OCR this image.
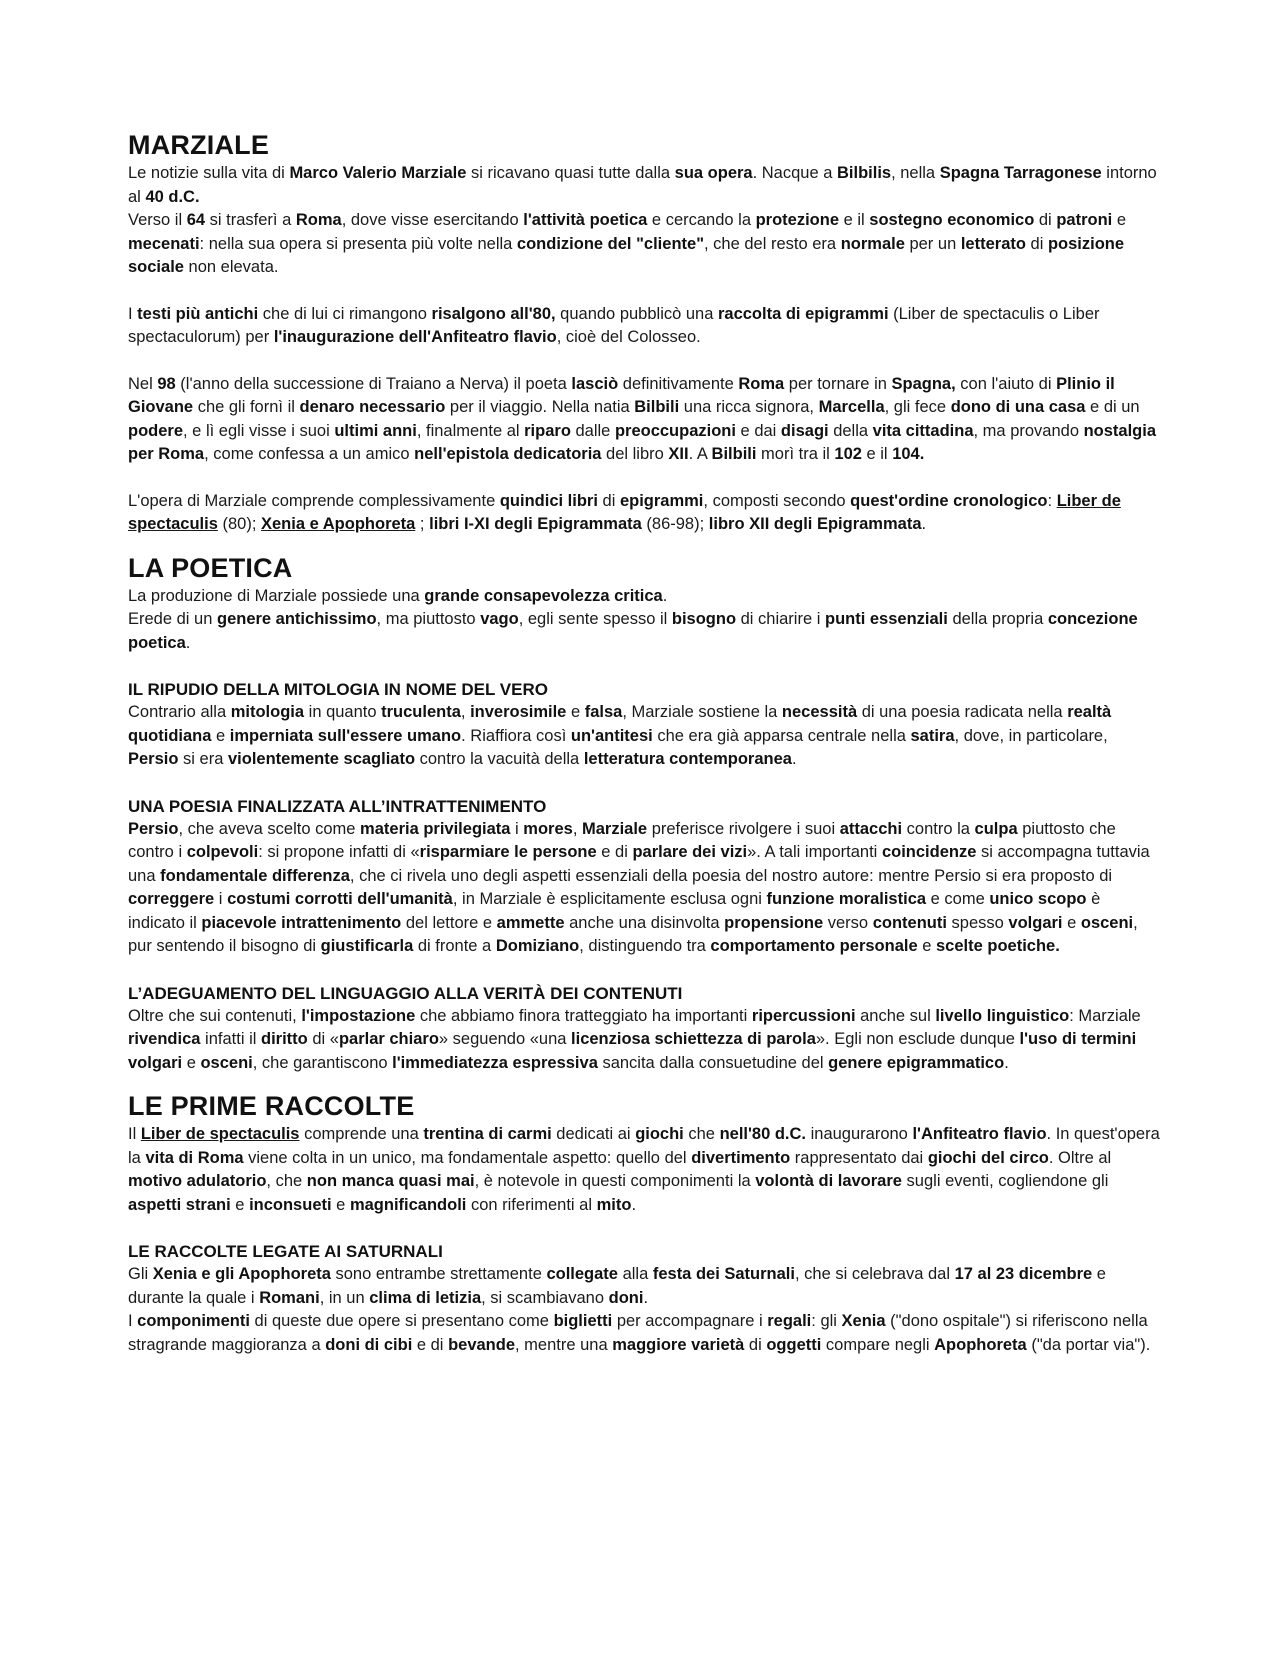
MARZIALE

Le notizie sulla vita di Marco Valerio Marziale si ricavano quasi tutte dalla sua opera. Nacque a Bilbilis, nella Spagna Tarragonese intorno al 40 d.C.
Verso il 64 si trasferì a Roma, dove visse esercitando l'attività poetica e cercando la protezione e il sostegno economico di patroni e mecenati: nella sua opera si presenta più volte nella condizione del "cliente", che del resto era normale per un letterato di posizione sociale non elevata.

I testi più antichi che di lui ci rimangono risalgono all'80, quando pubblicò una raccolta di epigrammi (Liber de spectaculis o Liber spectaculorum) per l'inaugurazione dell'Anfiteatro flavio, cioè del Colosseo.

Nel 98 (l'anno della successione di Traiano a Nerva) il poeta lasciò definitivamente Roma per tornare in Spagna, con l'aiuto di Plinio il Giovane che gli fornì il denaro necessario per il viaggio. Nella natia Bilbili una ricca signora, Marcella, gli fece dono di una casa e di un podere, e lì egli visse i suoi ultimi anni, finalmente al riparo dalle preoccupazioni e dai disagi della vita cittadina, ma provando nostalgia per Roma, come confessa a un amico nell'epistola dedicatoria del libro XII. A Bilbili morì tra il 102 e il 104.

L'opera di Marziale comprende complessivamente quindici libri di epigrammi, composti secondo quest'ordine cronologico: Liber de spectaculis (80); Xenia e Apophoreta ; libri I-XI degli Epigrammata (86-98); libro XII degli Epigrammata.

LA POETICA

La produzione di Marziale possiede una grande consapevolezza critica.
Erede di un genere antichissimo, ma piuttosto vago, egli sente spesso il bisogno di chiarire i punti essenziali della propria concezione poetica.

IL RIPUDIO DELLA MITOLOGIA IN NOME DEL VERO

Contrario alla mitologia in quanto truculenta, inverosimile e falsa, Marziale sostiene la necessità di una poesia radicata nella realtà quotidiana e imperniata sull'essere umano. Riaffiora così un'antitesi che era già apparsa centrale nella satira, dove, in particolare, Persio si era violentemente scagliato contro la vacuità della letteratura contemporanea.

UNA POESIA FINALIZZATA ALL’INTRATTENIMENTO

Persio, che aveva scelto come materia privilegiata i mores, Marziale preferisce rivolgere i suoi attacchi contro la culpa piuttosto che contro i colpevoli: si propone infatti di «risparmiare le persone e di parlare dei vizi». A tali importanti coincidenze si accompagna tuttavia una fondamentale differenza, che ci rivela uno degli aspetti essenziali della poesia del nostro autore: mentre Persio si era proposto di correggere i costumi corrotti dell'umanità, in Marziale è esplicitamente esclusa ogni funzione moralistica e come unico scopo è indicato il piacevole intrattenimento del lettore e ammette anche una disinvolta propensione verso contenuti spesso volgari e osceni, pur sentendo il bisogno di giustificarla di fronte a Domiziano, distinguendo tra comportamento personale e scelte poetiche.

L’ADEGUAMENTO DEL LINGUAGGIO ALLA VERITÀ DEI CONTENUTI

Oltre che sui contenuti, l'impostazione che abbiamo finora tratteggiato ha importanti ripercussioni anche sul livello linguistico: Marziale rivendica infatti il diritto di «parlar chiaro» seguendo «una licenziosa schiettezza di parola». Egli non esclude dunque l'uso di termini volgari e osceni, che garantiscono l'immediatezza espressiva sancita dalla consuetudine del genere epigrammatico.

LE PRIME RACCOLTE

Il Liber de spectaculis comprende una trentina di carmi dedicati ai giochi che nell'80 d.C. inaugurarono l'Anfiteatro flavio. In quest'opera la vita di Roma viene colta in un unico, ma fondamentale aspetto: quello del divertimento rappresentato dai giochi del circo. Oltre al motivo adulatorio, che non manca quasi mai, è notevole in questi componimenti la volontà di lavorare sugli eventi, cogliendone gli aspetti strani e inconsueti e magnificandoli con riferimenti al mito.

LE RACCOLTE LEGATE AI SATURNALI

Gli Xenia e gli Apophoreta sono entrambe strettamente collegate alla festa dei Saturnali, che si celebrava dal 17 al 23 dicembre e durante la quale i Romani, in un clima di letizia, si scambiavano doni.
I componimenti di queste due opere si presentano come biglietti per accompagnare i regali: gli Xenia ("dono ospitale") si riferiscono nella stragrande maggioranza a doni di cibi e di bevande, mentre una maggiore varietà di oggetti compare negli Apophoreta ("da portar via").
